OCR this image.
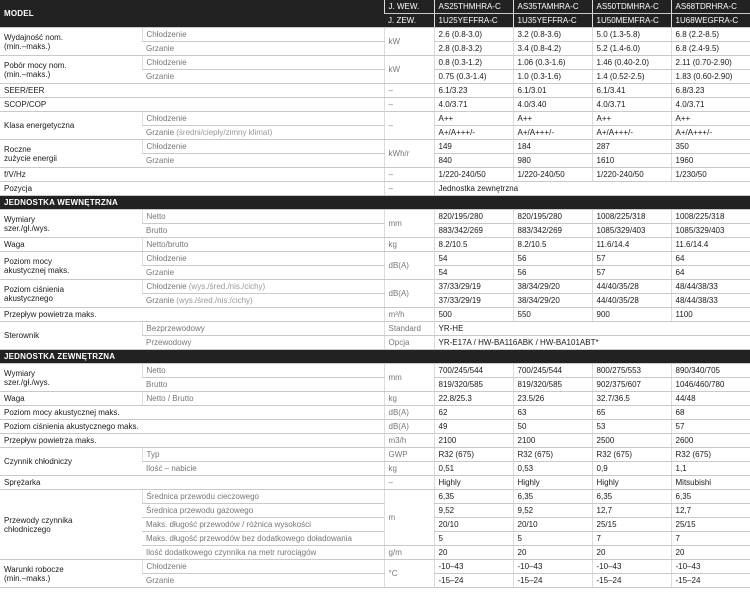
MODEL		J. WEW.	AS25THMHRA-C	AS35TAMHRA-C	AS50TDMHRA-C	AS68TDRHRA-C
		J. ZEW.	1U25YEFFRA-C	1U35YEFFRA-C	1U50MEMFRA-C	1U68WEGFRA-C
Wydajność nom.
(min.–maks.)	Chłodzenie	kW	2.6 (0.8-3.0)	3.2 (0.8-3.6)	5.0 (1.3-5.8)	6.8 (2.2-8.5)
	Grzanie		2.8 (0.8-3.2)	3.4 (0.8-4.2)	5.2 (1.4-6.0)	6.8 (2.4-9.5)
Pobór mocy nom.
(min.–maks.)	Chłodzenie	kW	0.8 (0.3-1.2)	1.06 (0.3-1.6)	1.46 (0.40-2.0)	2.11 (0.70-2.90)
	Grzanie		0.75 (0.3-1.4)	1.0 (0.3-1.6)	1.4 (0.52-2.5)	1.83 (0.60-2.90)
SEER/EER		–	6.1/3.23	6.1/3.01	6.1/3.41	6.8/3.23
SCOP/COP		–	4.0/3.71	4.0/3.40	4.0/3.71	4.0/3.71
Klasa energetyczna	Chłodzenie	–	A++	A++	A++	A++
	Grzanie (średni/ciepły/zimny klimat)		A+/A+++/-	A+/A+++/-	A+/A+++/-	A+/A+++/-
Roczne
zużycie energii	Chłodzenie	kWh/r	149	184	287	350
	Grzanie		840	980	1610	1960
f/V/Hz		–	1/220-240/50	1/220-240/50	1/220-240/50	1/230/50
Pozycja		–	Jednostka zewnętrzna			
JEDNOSTKA WEWNĘTRZNA						
Wymiary
szer./gł./wys.	Netto	mm	820/195/280	820/195/280	1008/225/318	1008/225/318
	Brutto		883/342/269	883/342/269	1085/329/403	1085/329/403
Waga	Netto/brutto	kg	8.2/10.5	8.2/10.5	11.6/14.4	11.6/14.4
Poziom mocy
akustycznej maks.	Chłodzenie	dB(A)	54	56	57	64
	Grzanie		54	56	57	64
Poziom ciśnienia
akustycznego	Chłodzenie (wys./śred./nis./cichy)	dB(A)	37/33/29/19	38/34/29/20	44/40/35/28	48/44/38/33
	Grzanie (wys./śred./nis./cichy)		37/33/29/19	38/34/29/20	44/40/35/28	48/44/38/33
Przepływ powietrza maks.		m³/h	500	550	900	1100
Sterownik	Bezprzewodowy	Standard	YR-HE			
	Przewodowy	Opcja	YR-E17A / HW-BA116ABK / HW-BA101ABT*			
JEDNOSTKA ZEWNĘTRZNA						
Wymiary
szer./gł./wys.	Netto	mm	700/245/544	700/245/544	800/275/553	890/340/705
	Brutto		819/320/585	819/320/585	902/375/607	1046/460/780
Waga	Netto / Brutto	kg	22.8/25.3	23.5/26	32.7/36.5	44/48
Poziom mocy akustycznej maks.		dB(A)	62	63	65	68
Poziom ciśnienia akustycznego maks.		dB(A)	49	50	53	57
Przepływ powietrza maks.		m3/h	2100	2100	2500	2600
Czynnik chłodniczy	Typ	GWP	R32 (675)	R32 (675)	R32 (675)	R32 (675)
	Ilość – nabicie	kg	0,51	0,53	0,9	1,1
Sprężarka		–	Highly	Highly	Highly	Mitsubishi
Przewody czynnika
chłodniczego	Średnica przewodu cieczowego	m	6,35	6,35	6,35	6,35
	Średnica przewodu gazowego		9,52	9,52	12,7	12,7
	Maks. długość przewodów / różnica wysokości		20/10	20/10	25/15	25/15
	Maks. długość przewodów bez dodatkowego doładowania		5	5	7	7
	Ilość dodatkowego czynnika na metr rurociągów	g/m	20	20	20	20
Warunki robocze
(min.–maks.)	Chłodzenie	°C	-10–43	-10–43	-10–43	-10–43
	Grzanie		-15–24	-15–24	-15–24	-15–24
